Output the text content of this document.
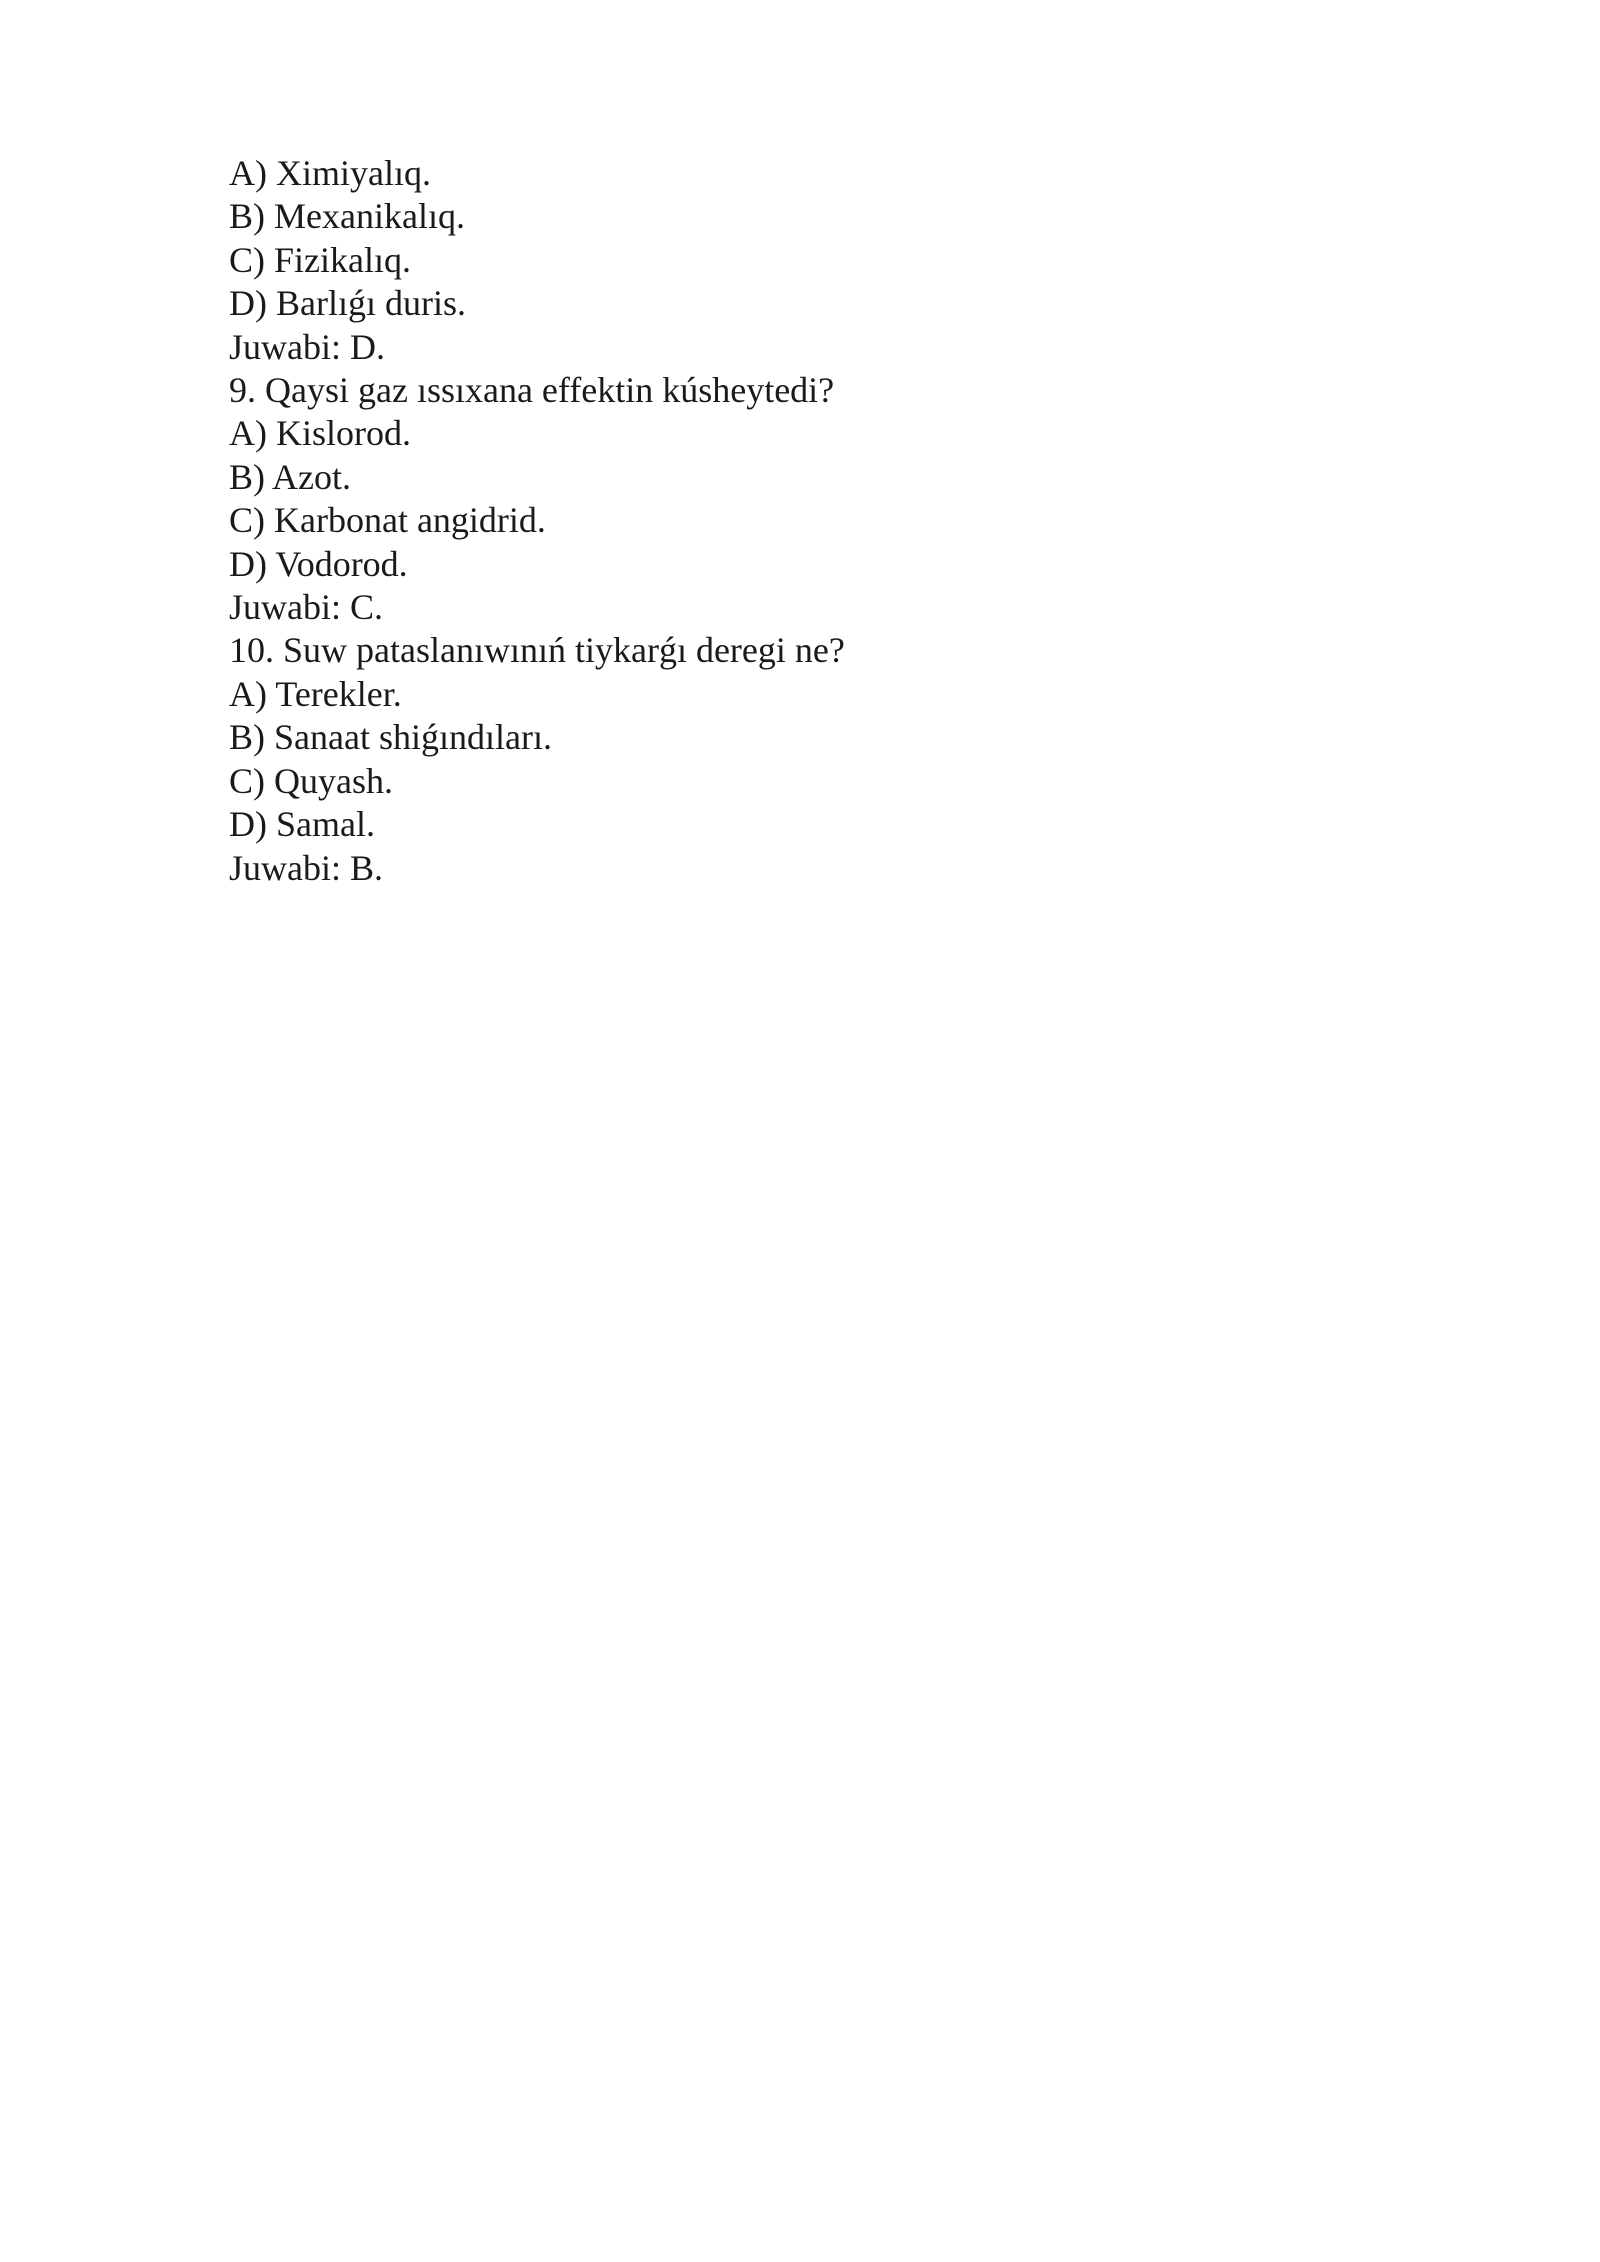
A) Ximiyalıq.
B) Mexanikalıq.
C) Fizikalıq.
D) Barlıǵı duris.
Juwabi: D.
9. Qaysi gaz ıssıxana effektin kúsheytedi?
A) Kislorod.
B) Azot.
C) Karbonat angidrid.
D) Vodorod.
Juwabi: C.
10. Suw pataslanıwınıń tiykarǵı deregi ne?
A) Terekler.
B) Sanaat shiǵındıları.
C) Quyash.
D) Samal.
Juwabi: B.
